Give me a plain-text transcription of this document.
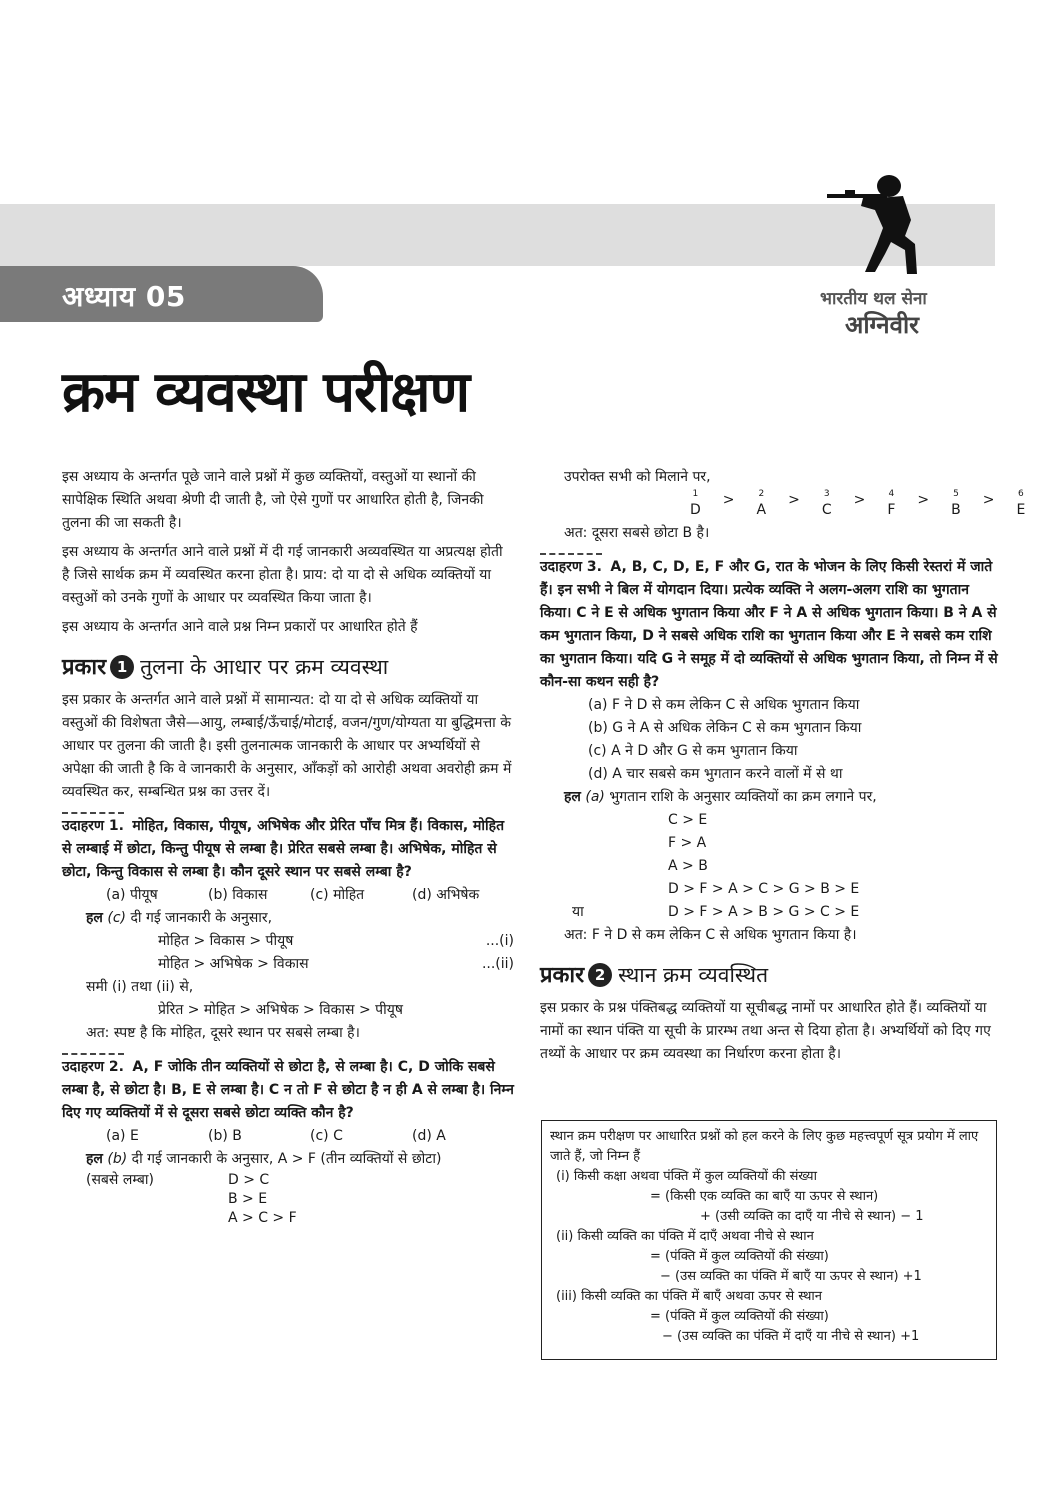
अध्याय 05	भारतीय थल सेना
अग्निवीर
क्रम व्यवस्था परीक्षण

इस अध्याय के अन्तर्गत पूछे जाने वाले प्रश्नों में कुछ व्यक्तियों, वस्तुओं या स्थानों की सापेक्षिक स्थिति अथवा श्रेणी दी जाती है, जो ऐसे गुणों पर आधारित होती है, जिनकी तुलना की जा सकती है।

इस अध्याय के अन्तर्गत आने वाले प्रश्नों में दी गई जानकारी अव्यवस्थित या अप्रत्यक्ष होती है जिसे सार्थक क्रम में व्यवस्थित करना होता है। प्राय: दो या दो से अधिक व्यक्तियों या वस्तुओं को उनके गुणों के आधार पर व्यवस्थित किया जाता है।

इस अध्याय के अन्तर्गत आने वाले प्रश्न निम्न प्रकारों पर आधारित होते हैं

प्रकार 1 तुलना के आधार पर क्रम व्यवस्था

इस प्रकार के अन्तर्गत आने वाले प्रश्नों में सामान्यत: दो या दो से अधिक व्यक्तियों या वस्तुओं की विशेषता जैसे—आयु, लम्बाई/ऊँचाई/मोटाई, वजन/गुण/योग्यता या बुद्धिमत्ता के आधार पर तुलना की जाती है। इसी तुलनात्मक जानकारी के आधार पर अभ्यर्थियों से अपेक्षा की जाती है कि वे जानकारी के अनुसार, आँकड़ों को आरोही अथवा अवरोही क्रम में व्यवस्थित कर, सम्बन्धित प्रश्न का उत्तर दें।

उदाहरण 1. मोहित, विकास, पीयूष, अभिषेक और प्रेरित पाँच मित्र हैं। विकास, मोहित से लम्बाई में छोटा, किन्तु पीयूष से लम्बा है। प्रेरित सबसे लम्बा है। अभिषेक, मोहित से छोटा, किन्तु विकास से लम्बा है। कौन दूसरे स्थान पर सबसे लम्बा है?
(a) पीयूष	(b) विकास	(c) मोहित	(d) अभिषेक
हल (c) दी गई जानकारी के अनुसार,
मोहित > विकास > पीयूष	...(i)
मोहित > अभिषेक > विकास	...(ii)
समी (i) तथा (ii) से,
प्रेरित > मोहित > अभिषेक > विकास > पीयूष
अत: स्पष्ट है कि मोहित, दूसरे स्थान पर सबसे लम्बा है।
उदाहरण 2. A, F जोकि तीन व्यक्तियों से छोटा है, से लम्बा है। C, D जोकि सबसे लम्बा है, से छोटा है। B, E से लम्बा है। C न तो F से छोटा है न ही A से लम्बा है। निम्न दिए गए व्यक्तियों में से दूसरा सबसे छोटा व्यक्ति कौन है?
(a) E	(b) B	(c) C	(d) A
हल (b) दी गई जानकारी के अनुसार, A > F (तीन व्यक्तियों से छोटा)
(सबसे लम्बा)	D > C
B > E
A > C > F
उपरोक्त सभी को मिलाने पर,
1
D
>	2
A
>	3
C
>	4
F
>	5
B
>	6
E
अत: दूसरा सबसे छोटा B है।
उदाहरण 3. A, B, C, D, E, F और G, रात के भोजन के लिए किसी रेस्तरां में जाते हैं। इन सभी ने बिल में योगदान दिया। प्रत्येक व्यक्ति ने अलग-अलग राशि का भुगतान किया। C ने E से अधिक भुगतान किया और F ने A से अधिक भुगतान किया। B ने A से कम भुगतान किया, D ने सबसे अधिक राशि का भुगतान किया और E ने सबसे कम राशि का भुगतान किया। यदि G ने समूह में दो व्यक्तियों से अधिक भुगतान किया, तो निम्न में से कौन-सा कथन सही है?
(a) F ने D से कम लेकिन C से अधिक भुगतान किया
(b) G ने A से अधिक लेकिन C से कम भुगतान किया
(c) A ने D और G से कम भुगतान किया
(d) A चार सबसे कम भुगतान करने वालों में से था
हल (a) भुगतान राशि के अनुसार व्यक्तियों का क्रम लगाने पर,
C > E
F > A
A > B
D > F > A > C > G > B > E
या	D > F > A > B > G > C > E
अत: F ने D से कम लेकिन C से अधिक भुगतान किया है।
प्रकार 2 स्थान क्रम व्यवस्थित

इस प्रकार के प्रश्न पंक्तिबद्ध व्यक्तियों या सूचीबद्ध नामों पर आधारित होते हैं। व्यक्तियों या नामों का स्थान पंक्ति या सूची के प्रारम्भ तथा अन्त से दिया होता है। अभ्यर्थियों को दिए गए तथ्यों के आधार पर क्रम व्यवस्था का निर्धारण करना होता है।

स्थान क्रम परीक्षण पर आधारित प्रश्नों को हल करने के लिए कुछ महत्त्वपूर्ण सूत्र प्रयोग में लाए जाते हैं, जो निम्न हैं
(i) किसी कक्षा अथवा पंक्ति में कुल व्यक्तियों की संख्या
= (किसी एक व्यक्ति का बाएँ या ऊपर से स्थान)
+ (उसी व्यक्ति का दाएँ या नीचे से स्थान) − 1
(ii) किसी व्यक्ति का पंक्ति में दाएँ अथवा नीचे से स्थान
= (पंक्ति में कुल व्यक्तियों की संख्या)
− (उस व्यक्ति का पंक्ति में बाएँ या ऊपर से स्थान) +1
(iii) किसी व्यक्ति का पंक्ति में बाएँ अथवा ऊपर से स्थान
= (पंक्ति में कुल व्यक्तियों की संख्या)
− (उस व्यक्ति का पंक्ति में दाएँ या नीचे से स्थान) +1
